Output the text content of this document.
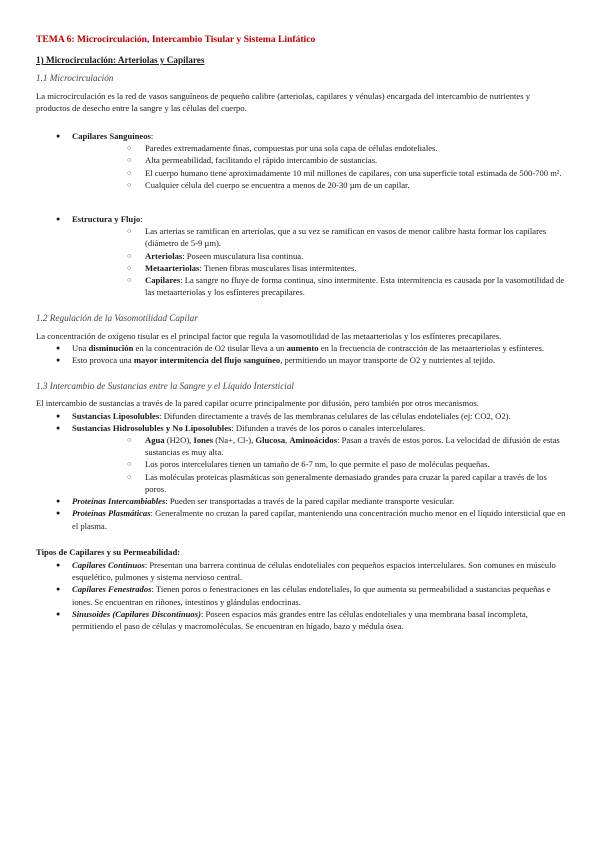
TEMA 6: Microcirculación, Intercambio Tisular y Sistema Linfático
1) Microcirculación: Arteriolas y Capilares
1.1 Microcirculación

La microcirculación es la red de vasos sanguíneos de pequeño calibre (arteriolas, capilares y vénulas) encargada del intercambio de nutrientes y productos de desecho entre la sangre y las células del cuerpo.

● Capilares Sanguíneos:
○ Paredes extremadamente finas, compuestas por una sola capa de células endoteliales.
○ Alta permeabilidad, facilitando el rápido intercambio de sustancias.
○ El cuerpo humano tiene aproximadamente 10 mil millones de capilares, con una superficie total estimada de 500-700 m².
○ Cualquier célula del cuerpo se encuentra a menos de 20-30 µm de un capilar.
● Estructura y Flujo:
○ Las arterias se ramifican en arteriolas, que a su vez se ramifican en vasos de menor calibre hasta formar los capilares (diámetro de 5-9 µm).
○ Arteriolas: Poseen musculatura lisa continua.
○ Metaarteriolas: Tienen fibras musculares lisas intermitentes.
○ Capilares: La sangre no fluye de forma continua, sino intermitente. Esta intermitencia es causada por la vasomotilidad de las metaarteriolas y los esfínteres precapilares.
1.2 Regulación de la Vasomotilidad Capilar
La concentración de oxígeno tisular es el principal factor que regula la vasomotilidad de las metaarteriolas y los esfínteres precapilares.
● Una disminución en la concentración de O2 tisular lleva a un aumento en la frecuencia de contracción de las metaarteriolas y esfínteres.
● Esto provoca una mayor intermitencia del flujo sanguíneo, permitiendo un mayor transporte de O2 y nutrientes al tejido.
1.3 Intercambio de Sustancias entre la Sangre y el Líquido Intersticial
El intercambio de sustancias a través de la pared capilar ocurre principalmente por difusión, pero también por otros mecanismos.
● Sustancias Liposolubles: Difunden directamente a través de las membranas celulares de las células endoteliales (ej: CO2, O2).
● Sustancias Hidrosolubles y No Liposolubles: Difunden a través de los poros o canales intercelulares.
○ Agua (H2O), Iones (Na+, Cl-), Glucosa, Aminoácidos: Pasan a través de estos poros. La velocidad de difusión de estas sustancias es muy alta.
○ Los poros intercelulares tienen un tamaño de 6-7 nm, lo que permite el paso de moléculas pequeñas.
○ Las moléculas proteicas plasmáticas son generalmente demasiado grandes para cruzar la pared capilar a través de los poros.
● Proteínas Intercambiables: Pueden ser transportadas a través de la pared capilar mediante transporte vesicular.
● Proteínas Plasmáticas: Generalmente no cruzan la pared capilar, manteniendo una concentración mucho menor en el líquido intersticial que en el plasma.
Tipos de Capilares y su Permeabilidad:
● Capilares Continuos: Presentan una barrera continua de células endoteliales con pequeños espacios intercelulares. Son comunes en músculo esquelético, pulmones y sistema nervioso central.
● Capilares Fenestrados: Tienen poros o fenestraciones en las células endoteliales, lo que aumenta su permeabilidad a sustancias pequeñas e iones. Se encuentran en riñones, intestinos y glándulas endocrinas.
● Sinusoides (Capilares Discontinuos): Poseen espacios más grandes entre las células endoteliales y una membrana basal incompleta, permitiendo el paso de células y macromoléculas. Se encuentran en hígado, bazo y médula ósea.
